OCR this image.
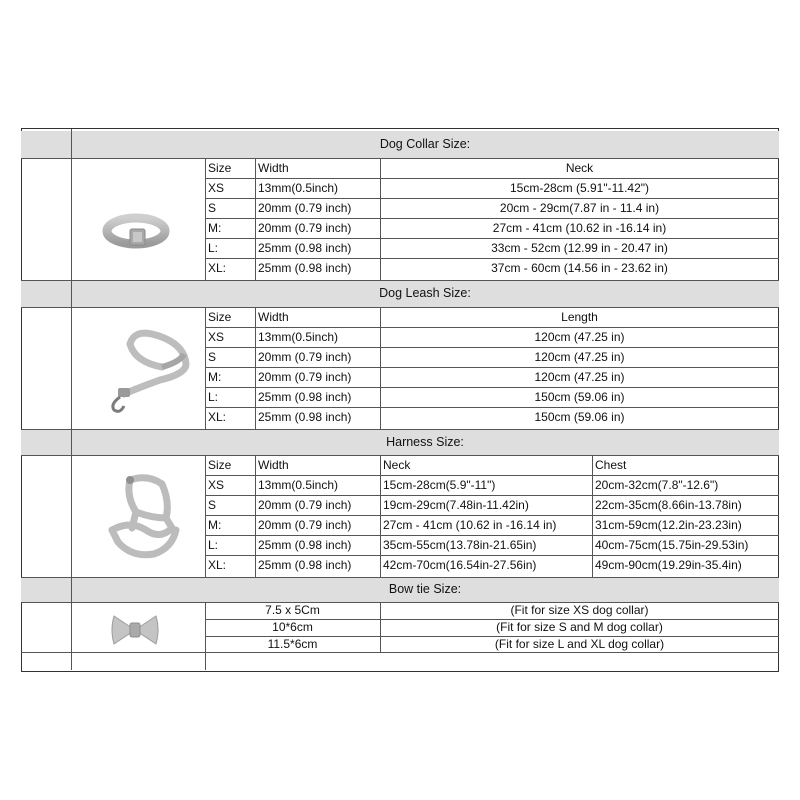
Dog Collar Size:
Dog Leash Size:
Harness Size:
Bow tie Size:
Size	Width	Neck
XS	13mm(0.5inch)	15cm-28cm (5.91"-11.42")
S	20mm (0.79 inch)	20cm - 29cm(7.87 in - 11.4 in)
M:	20mm (0.79 inch)	27cm - 41cm (10.62 in -16.14 in)
L:	25mm (0.98 inch)	33cm - 52cm (12.99 in - 20.47 in)
XL:	25mm (0.98 inch)	37cm - 60cm (14.56 in - 23.62 in)
Size	Width	Length
XS	13mm(0.5inch)	120cm (47.25 in)
S	20mm (0.79 inch)	120cm (47.25 in)
M:	20mm (0.79 inch)	120cm (47.25 in)
L:	25mm (0.98 inch)	150cm (59.06 in)
XL:	25mm (0.98 inch)	150cm (59.06 in)
Size	Width	Neck	Chest
XS	13mm(0.5inch)	15cm-28cm(5.9"-11")	20cm-32cm(7.8"-12.6")
S	20mm (0.79 inch)	19cm-29cm(7.48in-11.42in)	22cm-35cm(8.66in-13.78in)
M:	20mm (0.79 inch)	27cm - 41cm (10.62 in -16.14 in)	31cm-59cm(12.2in-23.23in)
L:	25mm (0.98 inch)	35cm-55cm(13.78in-21.65in)	40cm-75cm(15.75in-29.53in)
XL:	25mm (0.98 inch)	42cm-70cm(16.54in-27.56in)	49cm-90cm(19.29in-35.4in)
7.5 x 5Cm	(Fit for size XS dog collar)
10*6cm	(Fit for size S and M dog collar)
11.5*6cm	(Fit for size L and XL dog collar)
